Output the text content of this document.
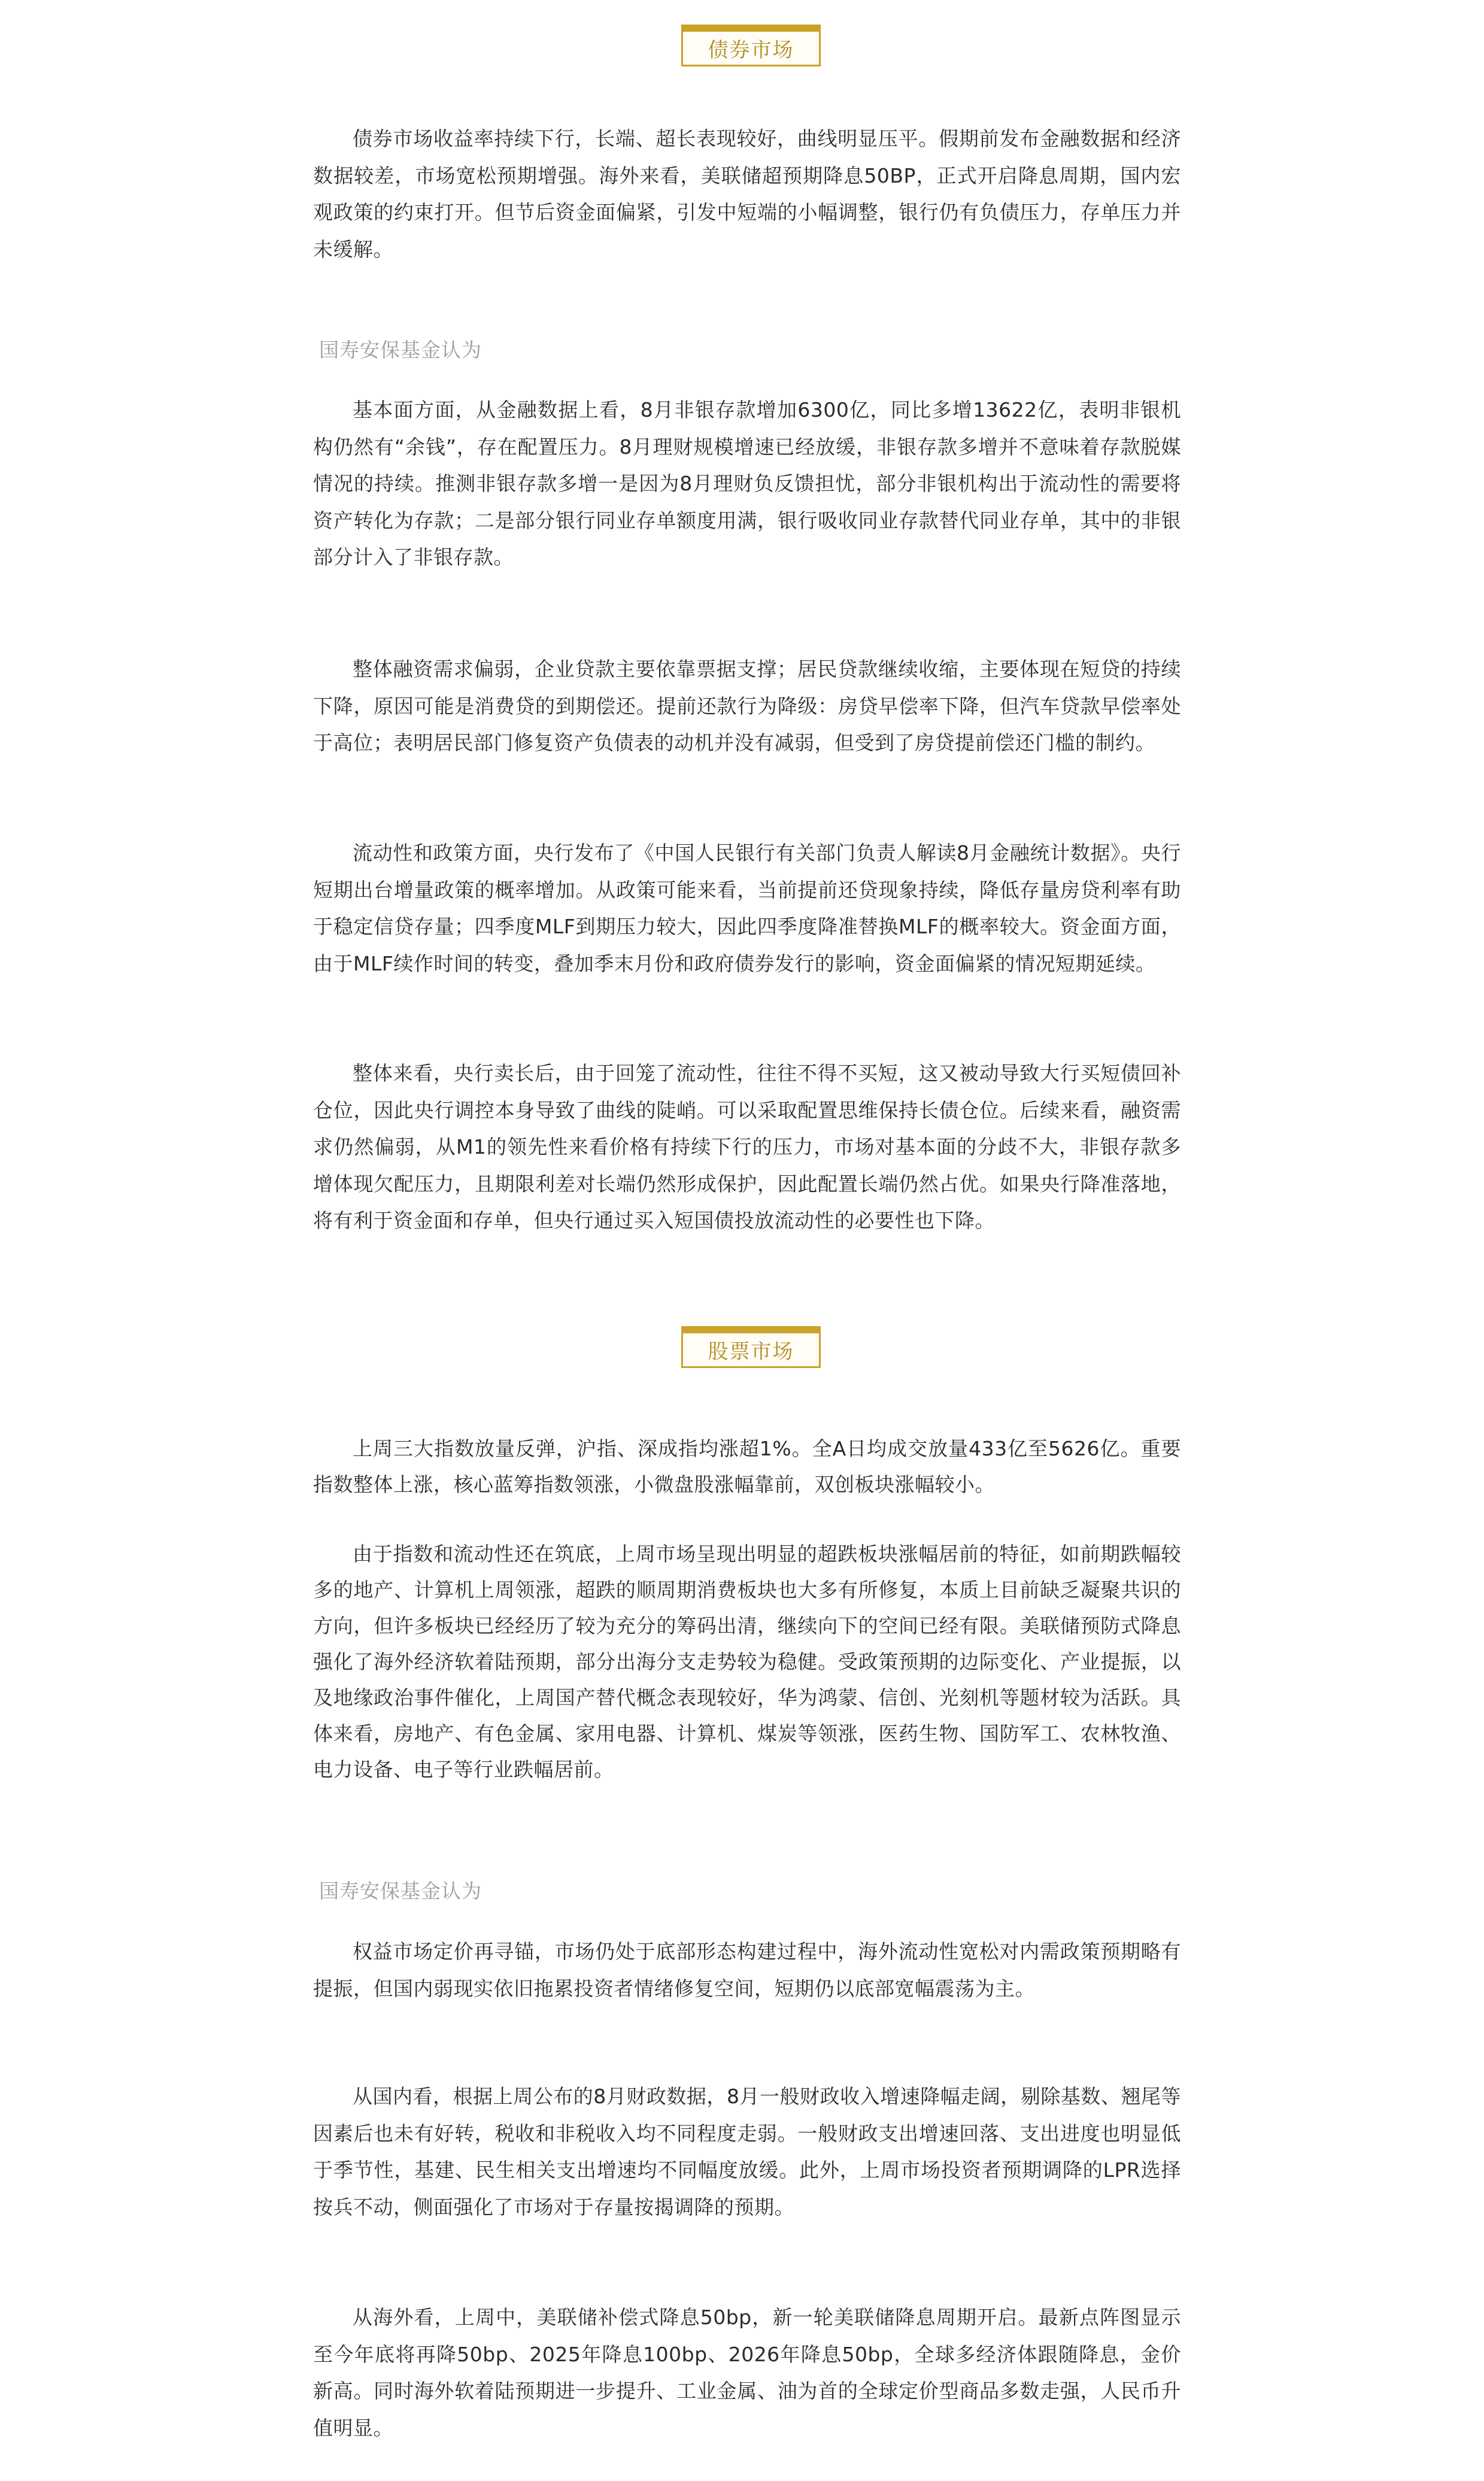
债券市场

债券市场收益率持续下行，长端、超长表现较好，曲线明显压平。假期前发布金融数据和经济数据较差，市场宽松预期增强。海外来看，美联储超预期降息50BP，正式开启降息周期，国内宏观政策的约束打开。但节后资金面偏紧，引发中短端的小幅调整，银行仍有负债压力，存单压力并未缓解。

国寿安保基金认为

基本面方面，从金融数据上看，8月非银存款增加6300亿，同比多增13622亿，表明非银机构仍然有“余钱”，存在配置压力。8月理财规模增速已经放缓，非银存款多增并不意味着存款脱媒情况的持续。推测非银存款多增一是因为8月理财负反馈担忧，部分非银机构出于流动性的需要将资产转化为存款；二是部分银行同业存单额度用满，银行吸收同业存款替代同业存单，其中的非银部分计入了非银存款。

整体融资需求偏弱，企业贷款主要依靠票据支撑；居民贷款继续收缩，主要体现在短贷的持续下降，原因可能是消费贷的到期偿还。提前还款行为降级：房贷早偿率下降，但汽车贷款早偿率处于高位；表明居民部门修复资产负债表的动机并没有减弱，但受到了房贷提前偿还门槛的制约。

流动性和政策方面，央行发布了《中国人民银行有关部门负责人解读8月金融统计数据》。央行短期出台增量政策的概率增加。从政策可能来看，当前提前还贷现象持续，降低存量房贷利率有助于稳定信贷存量；四季度MLF到期压力较大，因此四季度降准替换MLF的概率较大。资金面方面，由于MLF续作时间的转变，叠加季末月份和政府债券发行的影响，资金面偏紧的情况短期延续。

整体来看，央行卖长后，由于回笼了流动性，往往不得不买短，这又被动导致大行买短债回补仓位，因此央行调控本身导致了曲线的陡峭。可以采取配置思维保持长债仓位。后续来看，融资需求仍然偏弱，从M1的领先性来看价格有持续下行的压力，市场对基本面的分歧不大，非银存款多增体现欠配压力，且期限利差对长端仍然形成保护，因此配置长端仍然占优。如果央行降准落地，将有利于资金面和存单，但央行通过买入短国债投放流动性的必要性也下降。

股票市场

上周三大指数放量反弹，沪指、深成指均涨超1%。全A日均成交放量433亿至5626亿。重要指数整体上涨，核心蓝筹指数领涨，小微盘股涨幅靠前，双创板块涨幅较小。

由于指数和流动性还在筑底，上周市场呈现出明显的超跌板块涨幅居前的特征，如前期跌幅较多的地产、计算机上周领涨，超跌的顺周期消费板块也大多有所修复，本质上目前缺乏凝聚共识的方向，但许多板块已经经历了较为充分的筹码出清，继续向下的空间已经有限。美联储预防式降息强化了海外经济软着陆预期，部分出海分支走势较为稳健。受政策预期的边际变化、产业提振，以及地缘政治事件催化，上周国产替代概念表现较好，华为鸿蒙、信创、光刻机等题材较为活跃。具体来看，房地产、有色金属、家用电器、计算机、煤炭等领涨，医药生物、国防军工、农林牧渔、电力设备、电子等行业跌幅居前。

国寿安保基金认为

权益市场定价再寻锚，市场仍处于底部形态构建过程中，海外流动性宽松对内需政策预期略有提振，但国内弱现实依旧拖累投资者情绪修复空间，短期仍以底部宽幅震荡为主。

从国内看，根据上周公布的8月财政数据，8月一般财政收入增速降幅走阔，剔除基数、翘尾等因素后也未有好转，税收和非税收入均不同程度走弱。一般财政支出增速回落、支出进度也明显低于季节性，基建、民生相关支出增速均不同幅度放缓。此外，上周市场投资者预期调降的LPR选择按兵不动，侧面强化了市场对于存量按揭调降的预期。

从海外看，上周中，美联储补偿式降息50bp，新一轮美联储降息周期开启。最新点阵图显示至今年底将再降50bp、2025年降息100bp、2026年降息50bp，全球多经济体跟随降息，金价新高。同时海外软着陆预期进一步提升、工业金属、油为首的全球定价型商品多数走强，人民币升值明显。
